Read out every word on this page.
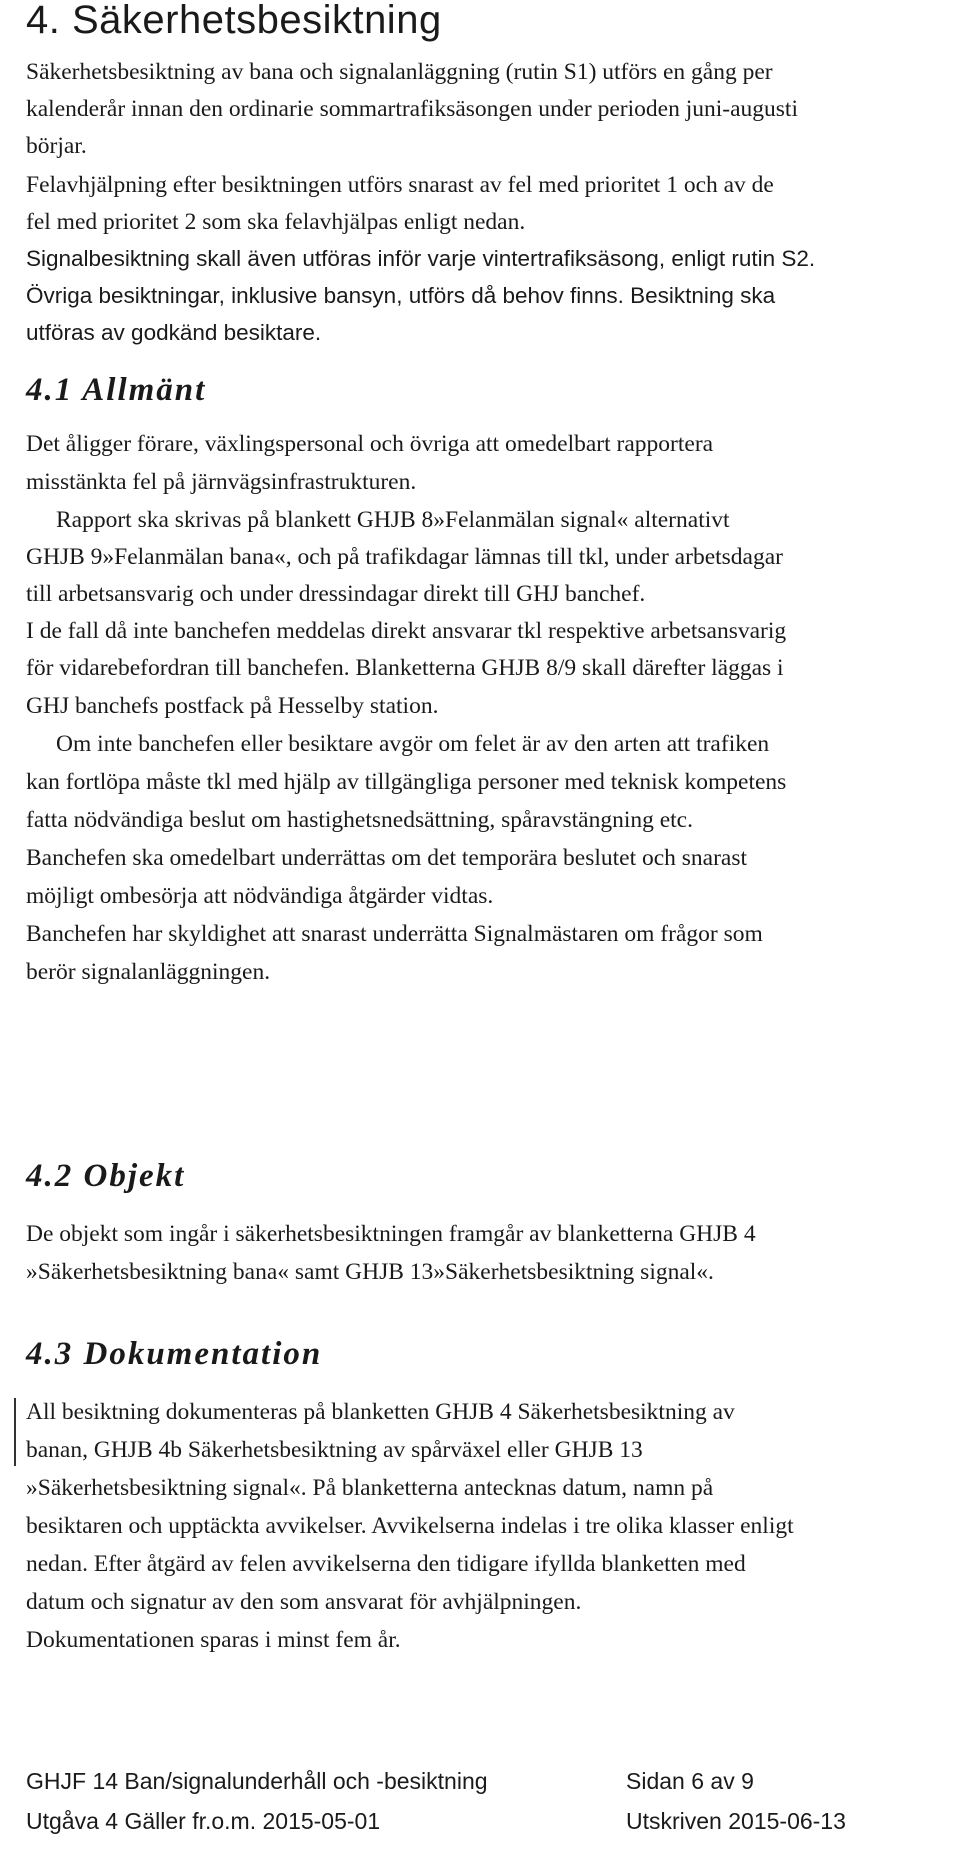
4. Säkerhetsbesiktning
Säkerhetsbesiktning av bana och signalanläggning (rutin S1) utförs en gång per
kalenderår innan den ordinarie sommartrafiksäsongen under perioden juni-augusti
börjar.
Felavhjälpning efter besiktningen utförs snarast av fel med prioritet 1 och av de
fel med prioritet 2 som ska felavhjälpas enligt nedan.
Signalbesiktning skall även utföras inför varje vintertrafiksäsong, enligt rutin S2.
Övriga besiktningar, inklusive bansyn, utförs då behov finns. Besiktning ska
utföras av godkänd besiktare.
4.1 Allmänt
Det åligger förare, växlingspersonal och övriga att omedelbart rapportera
misstänkta fel på järnvägsinfrastrukturen.
Rapport ska skrivas på blankett GHJB 8»Felanmälan signal« alternativt
GHJB 9»Felanmälan bana«, och på trafikdagar lämnas till tkl, under arbetsdagar
till arbetsansvarig och under dressindagar direkt till GHJ banchef.
I de fall då inte banchefen meddelas direkt ansvarar tkl respektive arbetsansvarig
för vidarebefordran till banchefen. Blanketterna GHJB 8/9 skall därefter läggas i
GHJ banchefs postfack på Hesselby station.
Om inte banchefen eller besiktare avgör om felet är av den arten att trafiken
kan fortlöpa måste tkl med hjälp av tillgängliga personer med teknisk kompetens
fatta nödvändiga beslut om hastighetsnedsättning, spåravstängning etc.
Banchefen ska omedelbart underrättas om det temporära beslutet och snarast
möjligt ombesörja att nödvändiga åtgärder vidtas.
Banchefen har skyldighet att snarast underrätta Signalmästaren om frågor som
berör signalanläggningen.
4.2 Objekt
De objekt som ingår i säkerhetsbesiktningen framgår av blanketterna GHJB 4
»Säkerhetsbesiktning bana« samt GHJB 13»Säkerhetsbesiktning signal«.
4.3 Dokumentation
All besiktning dokumenteras på blanketten GHJB 4 Säkerhetsbesiktning av
banan, GHJB 4b Säkerhetsbesiktning av spårväxel eller GHJB 13
»Säkerhetsbesiktning signal«. På blanketterna antecknas datum, namn på
besiktaren och upptäckta avvikelser. Avvikelserna indelas i tre olika klasser enligt
nedan. Efter åtgärd av felen avvikelserna den tidigare ifyllda blanketten med
datum och signatur av den som ansvarat för avhjälpningen.
Dokumentationen sparas i minst fem år.
GHJF 14 Ban/signalunderhåll och -besiktning	Sidan 6 av 9
Utgåva 4 Gäller fr.o.m. 2015-05-01	Utskriven 2015-06-13
